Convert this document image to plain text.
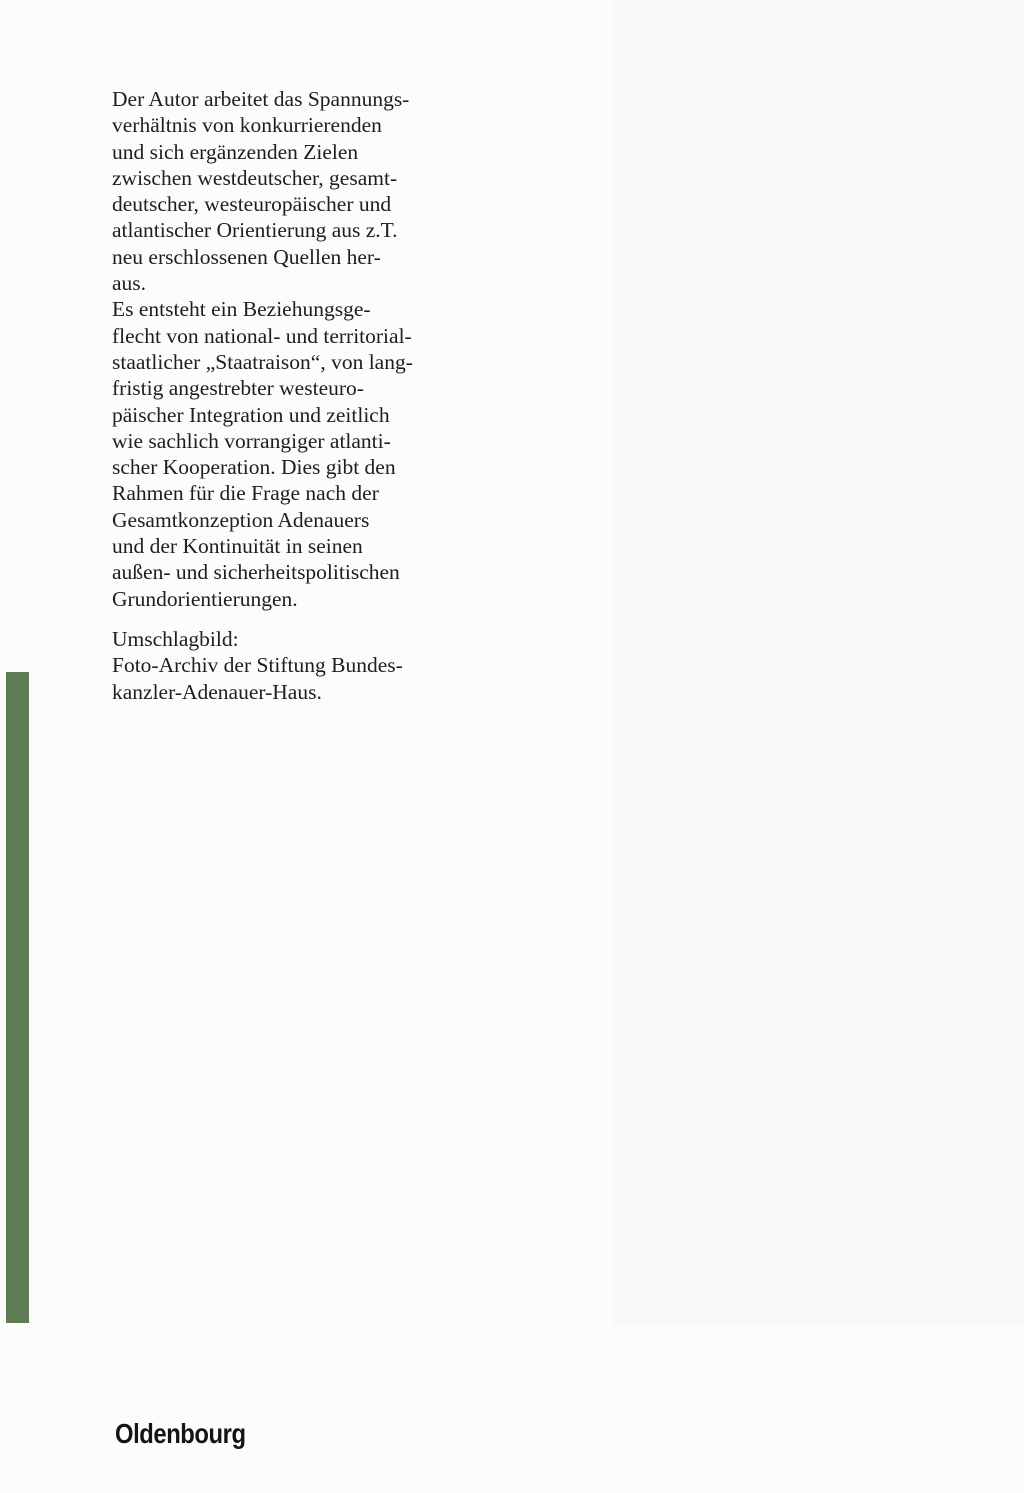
Der Autor arbeitet das Spannungs-
verhältnis von konkurrierenden
und sich ergänzenden Zielen
zwischen westdeutscher, gesamt-
deutscher, westeuropäischer und
atlantischer Orientierung aus z.T.
neu erschlossenen Quellen her-
aus.

Es entsteht ein Beziehungsge-
flecht von national- und territorial-
staatlicher „Staatraison“, von lang-
fristig angestrebter westeuro-
päischer Integration und zeitlich
wie sachlich vorrangiger atlanti-
scher Kooperation. Dies gibt den
Rahmen für die Frage nach der
Gesamtkonzeption Adenauers
und der Kontinuität in seinen
außen- und sicherheitspolitischen
Grundorientierungen.

Umschlagbild:
Foto-Archiv der Stiftung Bundes-
kanzler-Adenauer-Haus.
Oldenbourg
